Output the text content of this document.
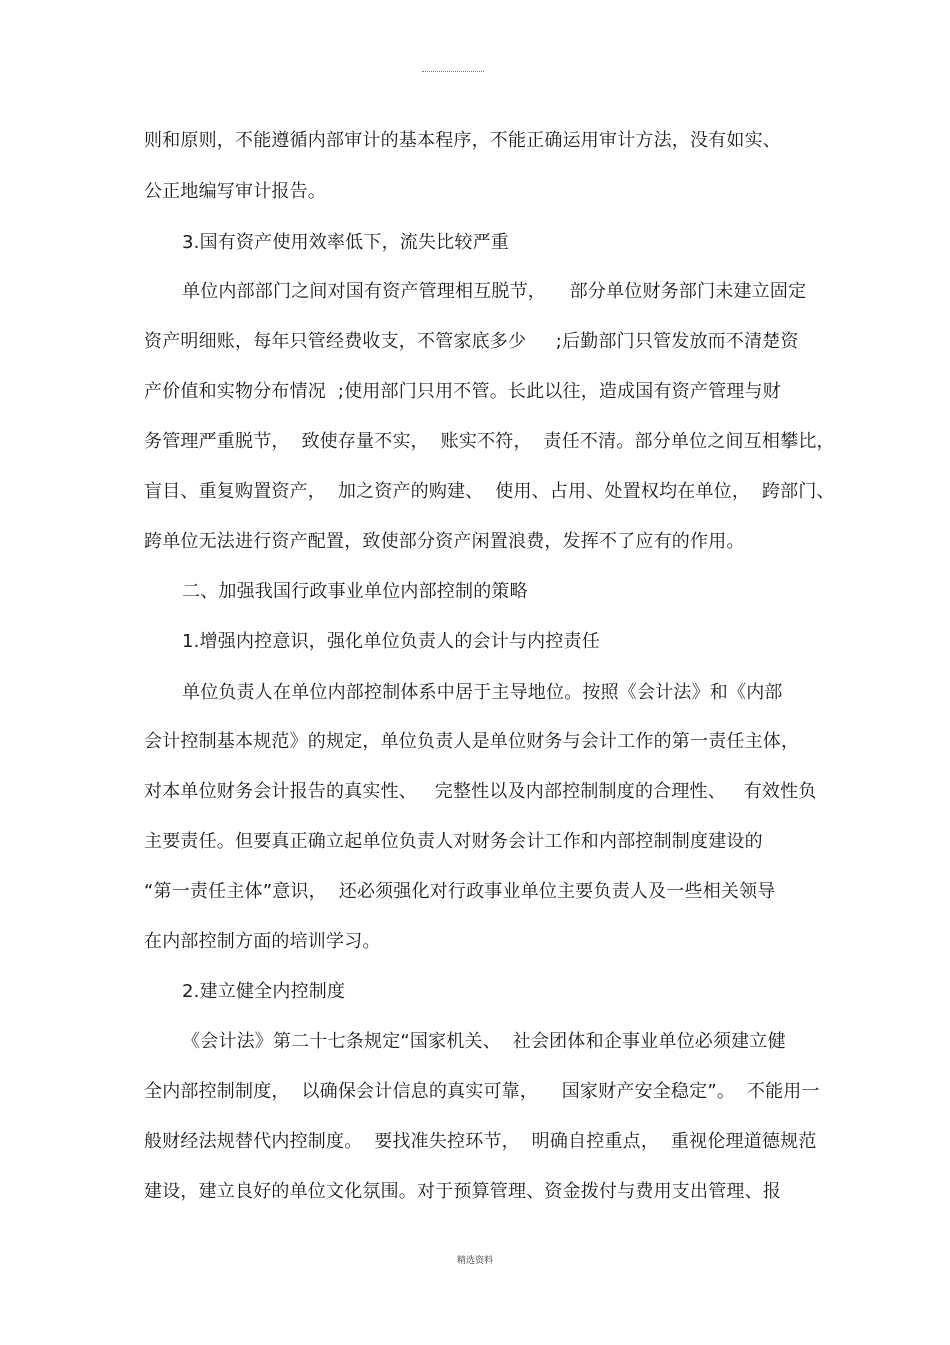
则和原则，不能遵循内部审计的基本程序，不能正确运用审计方法，没有如实、
公正地编写审计报告。
3.国有资产使用效率低下，流失比较严重
单位内部部门之间对国有资产管理相互脱节，    部分单位财务部门未建立固定
资产明细账，每年只管经费收支，不管家底多少     ;后勤部门只管发放而不清楚资
产价值和实物分布情况  ;使用部门只用不管。长此以往，造成国有资产管理与财
务管理严重脱节，  致使存量不实，  账实不符，  责任不清。部分单位之间互相攀比，
盲目、重复购置资产，  加之资产的购建、  使用、占用、处置权均在单位，  跨部门、
跨单位无法进行资产配置，致使部分资产闲置浪费，发挥不了应有的作用。
二、加强我国行政事业单位内部控制的策略
1.增强内控意识，强化单位负责人的会计与内控责任
单位负责人在单位内部控制体系中居于主导地位。按照《会计法》和《内部
会计控制基本规范》的规定，单位负责人是单位财务与会计工作的第一责任主体，
对本单位财务会计报告的真实性、   完整性以及内部控制制度的合理性、   有效性负
主要责任。但要真正确立起单位负责人对财务会计工作和内部控制制度建设的
“第一责任主体”意识，  还必须强化对行政事业单位主要负责人及一些相关领导
在内部控制方面的培训学习。
2.建立健全内控制度
《会计法》第二十七条规定“国家机关、  社会团体和企事业单位必须建立健
全内部控制制度，  以确保会计信息的真实可靠，    国家财产安全稳定”。  不能用一
般财经法规替代内控制度。  要找准失控环节，  明确自控重点，  重视伦理道德规范
建设，建立良好的单位文化氛围。对于预算管理、资金拨付与费用支出管理、报
精选资料
